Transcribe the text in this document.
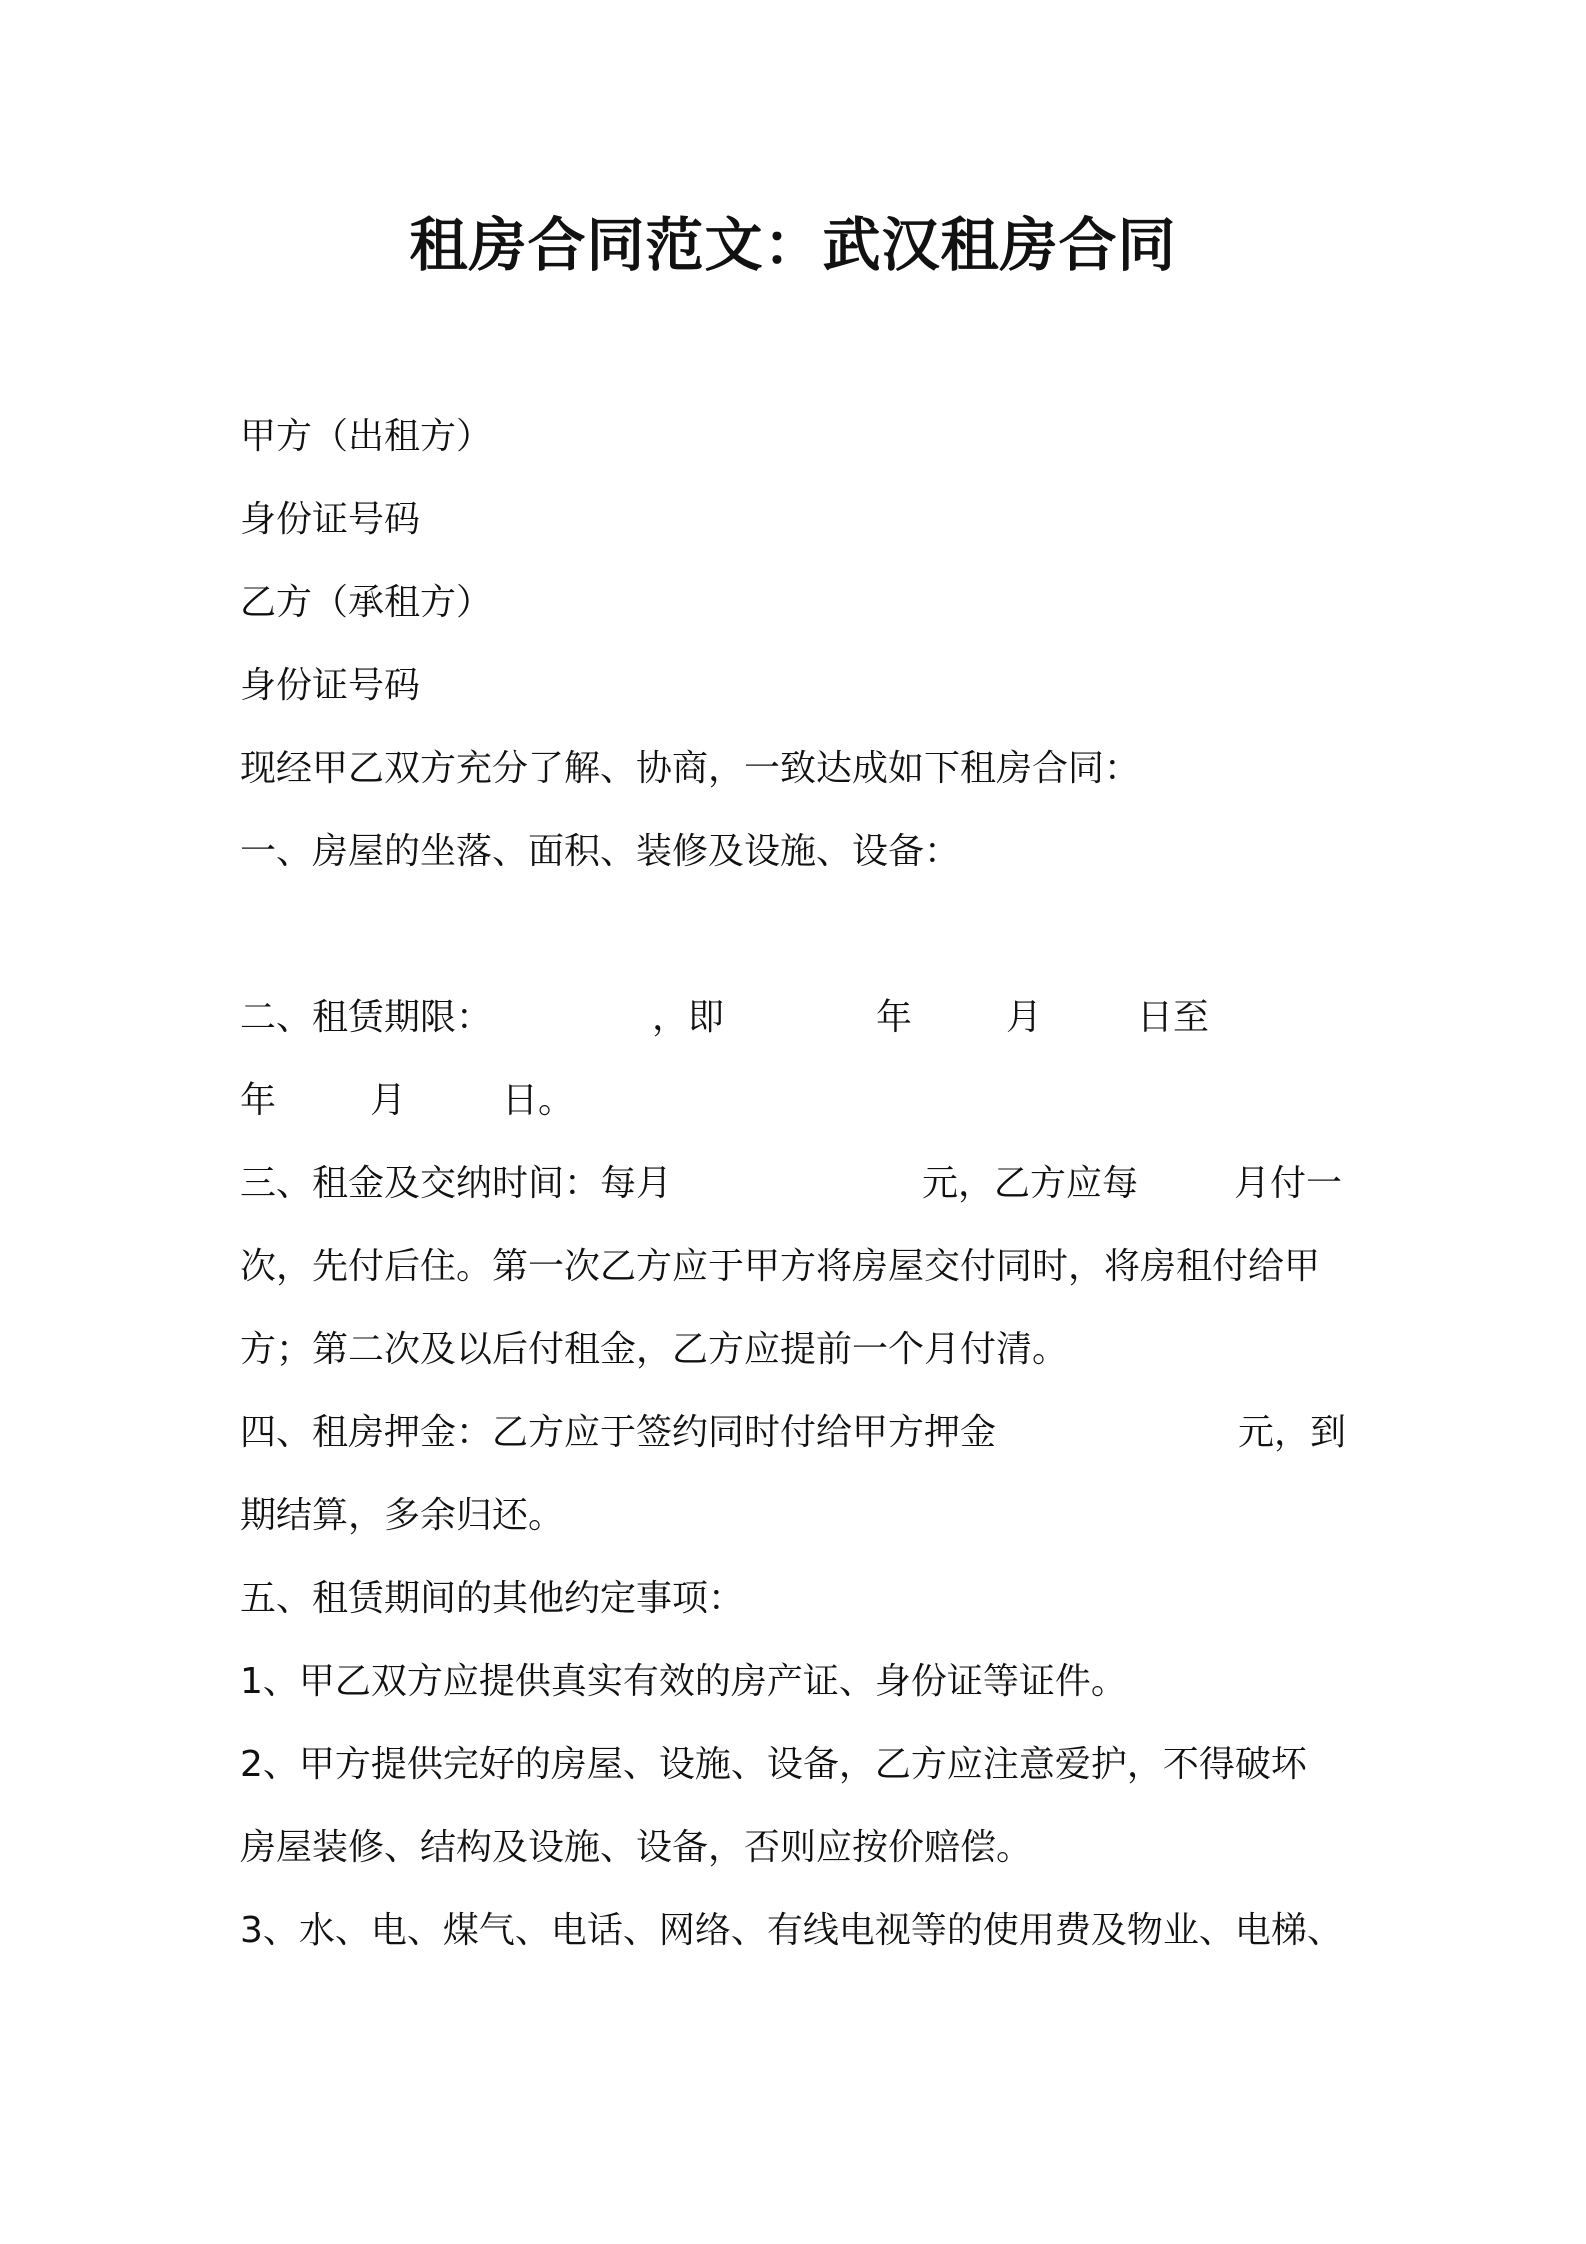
租房合同范文：武汉租房合同
甲方（出租方）
身份证号码
乙方（承租方）
身份证号码
现经甲乙双方充分了解、协商，一致达成如下租房合同：
一、房屋的坐落、面积、装修及设施、设备：
二、租赁期限：	，即	年	月	日至
年	月	日。
三、租金及交纳时间：每月	元，乙方应每	月付一
次，先付后住。第一次乙方应于甲方将房屋交付同时，将房租付给甲
方；第二次及以后付租金，乙方应提前一个月付清。
四、租房押金：乙方应于签约同时付给甲方押金	元，到
期结算，多余归还。
五、租赁期间的其他约定事项：
1、甲乙双方应提供真实有效的房产证、身份证等证件。
2、甲方提供完好的房屋、设施、设备，乙方应注意爱护，不得破坏
房屋装修、结构及设施、设备，否则应按价赔偿。
3、水、电、煤气、电话、网络、有线电视等的使用费及物业、电梯、
